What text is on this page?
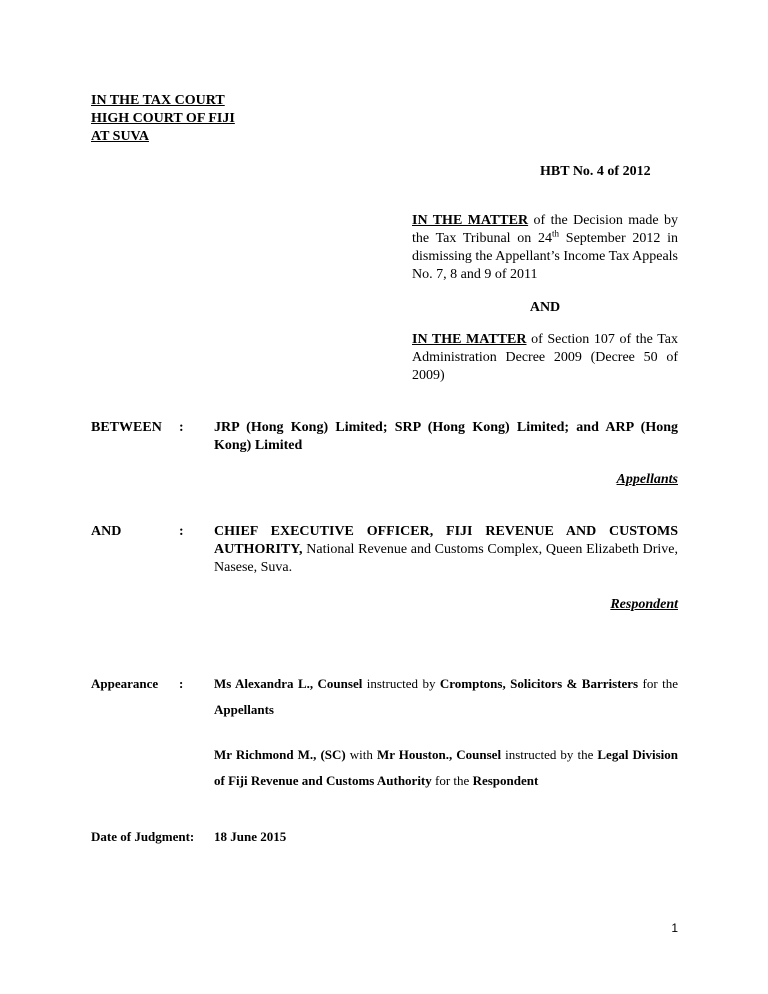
IN THE TAX COURT
HIGH COURT OF FIJI
AT SUVA
HBT No. 4 of 2012
IN THE MATTER of the Decision made by the Tax Tribunal on 24th September 2012 in dismissing the Appellant’s Income Tax Appeals No. 7, 8 and 9 of 2011
AND
IN THE MATTER of Section 107 of the Tax Administration Decree 2009 (Decree 50 of 2009)
BETWEEN : JRP (Hong Kong) Limited; SRP (Hong Kong) Limited; and ARP (Hong Kong) Limited
Appellants
AND	: CHIEF EXECUTIVE OFFICER, FIJI REVENUE AND CUSTOMS AUTHORITY, National Revenue and Customs Complex, Queen Elizabeth Drive, Nasese, Suva.
Respondent
Appearance : Ms Alexandra L., Counsel instructed by Cromptons, Solicitors & Barristers for the Appellants
Mr Richmond M., (SC) with Mr Houston., Counsel instructed by the Legal Division of Fiji Revenue and Customs Authority for the Respondent
Date of Judgment: 18 June 2015
1
